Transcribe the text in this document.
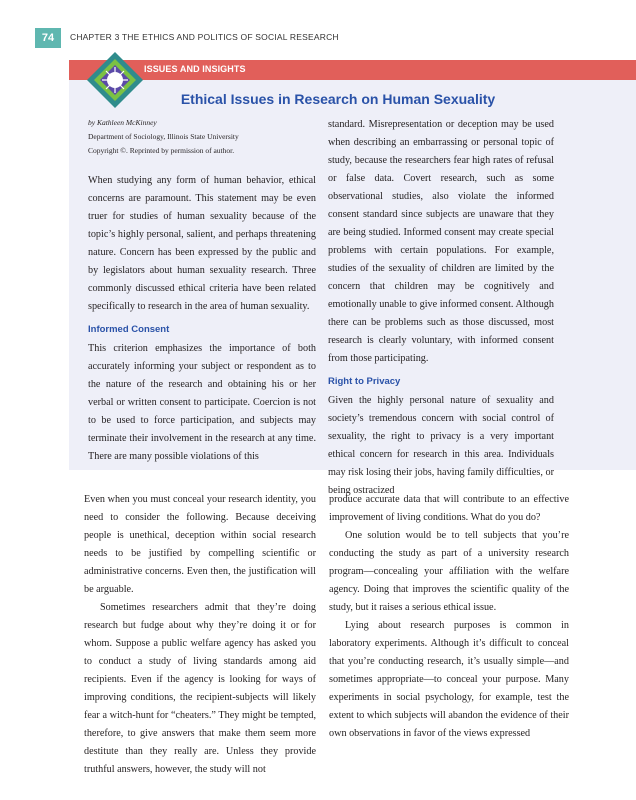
74	CHAPTER 3 THE ETHICS AND POLITICS OF SOCIAL RESEARCH
ISSUES AND INSIGHTS
Ethical Issues in Research on Human Sexuality
by Kathleen McKinney
Department of Sociology, Illinois State University
Copyright ©. Reprinted by permission of author.

When studying any form of human behavior, ethical concerns are paramount. This statement may be even truer for studies of human sexuality because of the topic’s highly personal, salient, and perhaps threatening nature. Concern has been expressed by the public and by legislators about human sexuality research. Three commonly discussed ethical criteria have been related specifically to research in the area of human sexuality.

Informed Consent

This criterion emphasizes the importance of both accurately informing your subject or respondent as to the nature of the research and obtaining his or her verbal or written consent to participate. Coercion is not to be used to force participation, and subjects may terminate their involvement in the research at any time. There are many possible violations of this

standard. Misrepresentation or deception may be used when describing an embarrassing or personal topic of study, because the researchers fear high rates of refusal or false data. Covert research, such as some observational studies, also violate the informed consent standard since subjects are unaware that they are being studied. Informed consent may create special problems with certain populations. For example, studies of the sexuality of children are limited by the concern that children may be cognitively and emotionally unable to give informed consent. Although there can be problems such as those discussed, most research is clearly voluntary, with informed consent from those participating.

Right to Privacy

Given the highly personal nature of sexuality and society’s tremendous concern with social control of sexuality, the right to privacy is a very important ethical concern for research in this area. Individuals may risk losing their jobs, having family difficulties, or being ostracized

Even when you must conceal your research identity, you need to consider the following. Because deceiving people is unethical, deception within social research needs to be justified by compelling scientific or administrative concerns. Even then, the justification will be arguable.

Sometimes researchers admit that they’re doing research but fudge about why they’re doing it or for whom. Suppose a public welfare agency has asked you to conduct a study of living standards among aid recipients. Even if the agency is looking for ways of improving conditions, the recipient-subjects will likely fear a witch-hunt for “cheaters.” They might be tempted, therefore, to give answers that make them seem more destitute than they really are. Unless they provide truthful answers, however, the study will not

produce accurate data that will contribute to an effective improvement of living conditions. What do you do?

One solution would be to tell subjects that you’re conducting the study as part of a university research program—concealing your affiliation with the welfare agency. Doing that improves the scientific quality of the study, but it raises a serious ethical issue.

Lying about research purposes is common in laboratory experiments. Although it’s difficult to conceal that you’re conducting research, it’s usually simple—and sometimes appropriate—to conceal your purpose. Many experiments in social psychology, for example, test the extent to which subjects will abandon the evidence of their own observations in favor of the views expressed
